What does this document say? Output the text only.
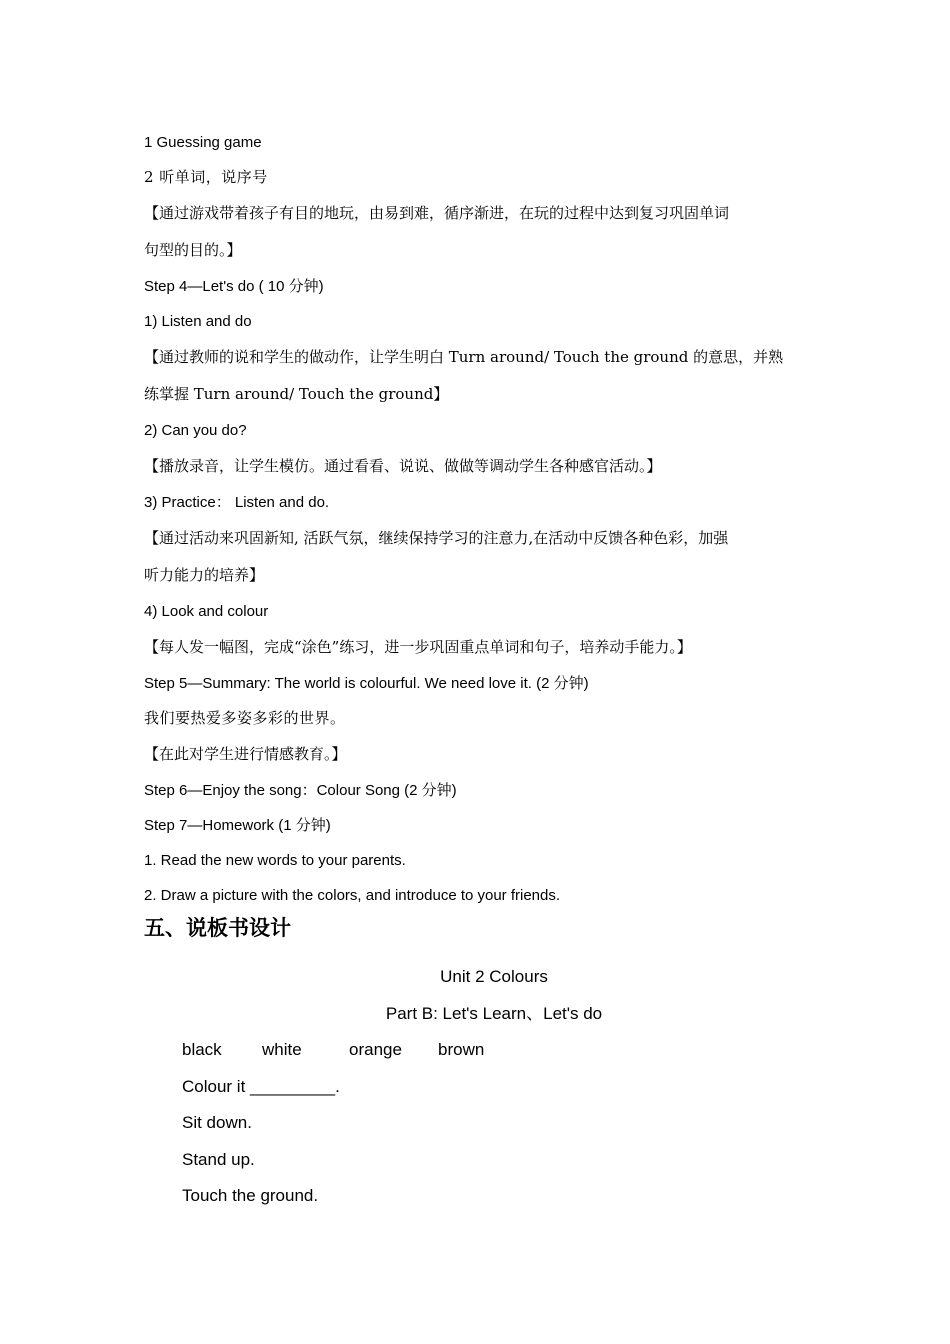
1 Guessing game
2 听单词，说序号
【通过游戏带着孩子有目的地玩，由易到难，循序渐进，在玩的过程中达到复习巩固单词
句型的目的。】
Step 4—Let's do ( 10 分钟)
1) Listen and do
【通过教师的说和学生的做动作，让学生明白 Turn around/ Touch the ground 的意思，并熟
练掌握 Turn around/ Touch the ground】
2) Can you do?
【播放录音，让学生模仿。通过看看、说说、做做等调动学生各种感官活动。】
3) Practice： Listen and do.
【通过活动来巩固新知, 活跃气氛，继续保持学习的注意力,在活动中反馈各种色彩，加强
听力能力的培养】
4) Look and colour
【每人发一幅图，完成“涂色”练习，进一步巩固重点单词和句子，培养动手能力。】
Step 5—Summary: The world is colourful. We need love it. (2 分钟)
我们要热爱多姿多彩的世界。
【在此对学生进行情感教育。】
Step 6—Enjoy the song：Colour Song (2 分钟)
Step 7—Homework (1 分钟)
1. Read the new words to your parents.
2. Draw a picture with the colors, and introduce to your friends.
五、说板书设计
Unit 2 Colours
Part B: Let's Learn、Let's do
black white	orange brown
Colour it _________.
Sit down.
Stand up.
Touch the ground.
